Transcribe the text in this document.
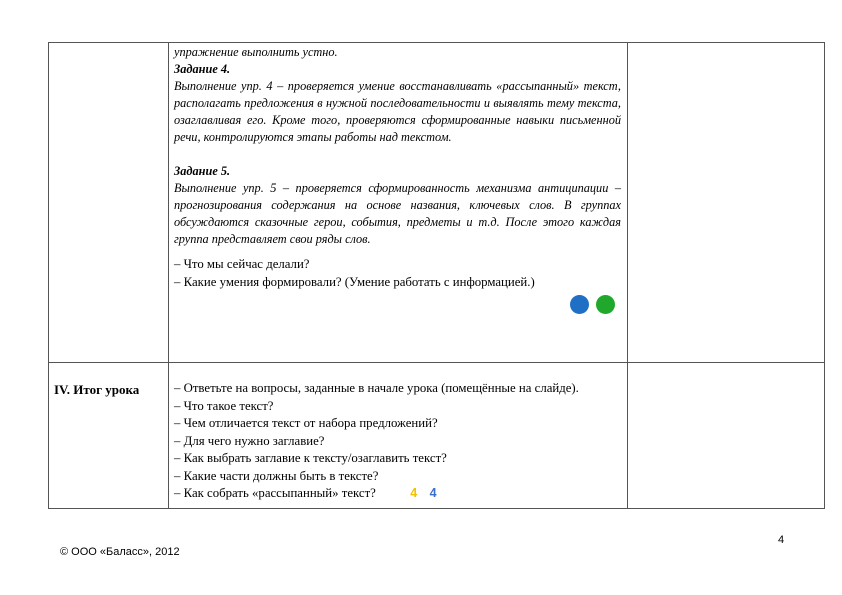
упражнение выполнить устно.

Задание 4.

Выполнение упр. 4 – проверяется умение восстанавливать «рассыпанный» текст, располагать предложения в нужной последовательности и выявлять тему текста, озаглавливая его. Кроме того, проверяются сформированные навыки письменной речи, контролируются этапы работы над текстом.

Задание 5.

Выполнение упр. 5 – проверяется сформированность механизма антиципации – прогнозирования содержания на основе названия, ключевых слов. В группах обсуждаются сказочные герои, события, предметы и т.д. После этого каждая группа представляет свои ряды слов.

– Что мы сейчас делали?

– Какие умения формировали? (Умение работать с информацией.)

IV. Итог урока	– Ответьте на вопросы, заданные в начале урока (помещённые на слайде).

– Что такое текст?

– Чем отличается текст от набора предложений?

– Для чего нужно заглавие?

– Как выбрать заглавие к тексту/озаглавить текст?

– Какие части должны быть в тексте?

– Как собрать «рассыпанный» текст?	4 4

4
© ООО «Баласс», 2012
